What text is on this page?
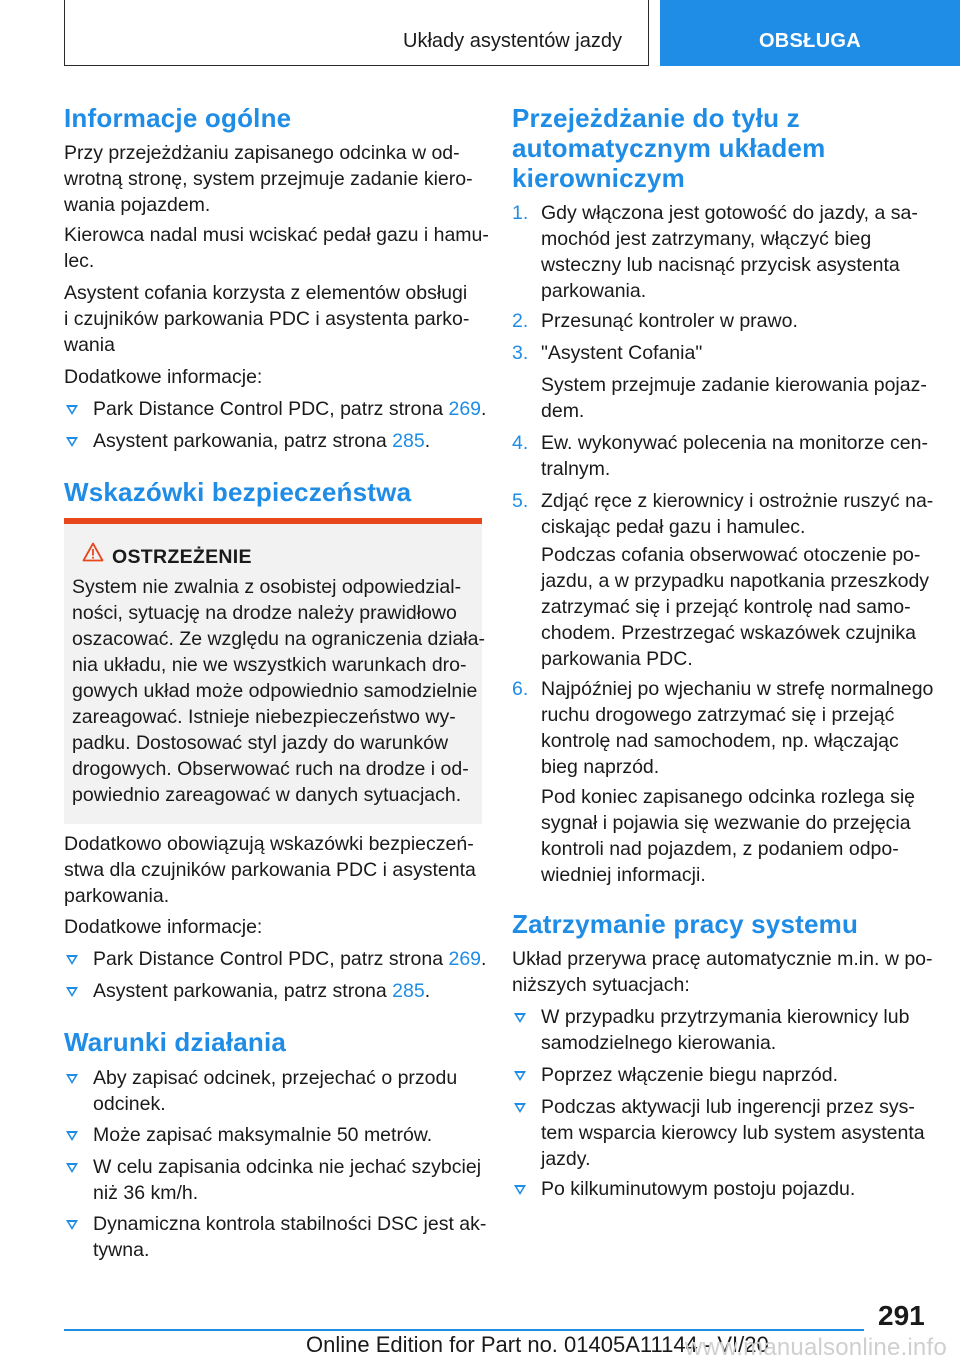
Układy asystentów jazdy	OBSŁUGA
Informacje ogólne
Przy przejeżdżaniu zapisanego odcinka w od-
wrotną stronę, system przejmuje zadanie kiero-
wania pojazdem.
Kierowca nadal musi wciskać pedał gazu i hamu-
lec.
Asystent cofania korzysta z elementów obsługi
i czujników parkowania PDC i asystenta parko-
wania
Dodatkowe informacje:
Park Distance Control PDC, patrz strona 269.
Asystent parkowania, patrz strona 285.
Wskazówki bezpieczeństwa
OSTRZEŻENIE
System nie zwalnia z osobistej odpowiedzial-
ności, sytuację na drodze należy prawidłowo
oszacować. Ze względu na ograniczenia działa-
nia układu, nie we wszystkich warunkach dro-
gowych układ może odpowiednio samodzielnie
zareagować. Istnieje niebezpieczeństwo wy-
padku. Dostosować styl jazdy do warunków
drogowych. Obserwować ruch na drodze i od-
powiednio zareagować w danych sytuacjach.
Dodatkowo obowiązują wskazówki bezpieczeń-
stwa dla czujników parkowania PDC i asystenta
parkowania.
Dodatkowe informacje:
Park Distance Control PDC, patrz strona 269.
Asystent parkowania, patrz strona 285.
Warunki działania
Aby zapisać odcinek, przejechać o przodu
odcinek.
Może zapisać maksymalnie 50 metrów.
W celu zapisania odcinka nie jechać szybciej
niż 36 km/h.
Dynamiczna kontrola stabilności DSC jest ak-
tywna.
Przejeżdżanie do tyłu z
automatycznym układem
kierowniczym
1. Gdy włączona jest gotowość do jazdy, a sa-
mochód jest zatrzymany, włączyć bieg
wsteczny lub nacisnąć przycisk asystenta
parkowania.
2. Przesunąć kontroler w prawo.
3. "Asystent Cofania"
System przejmuje zadanie kierowania pojaz-
dem.
4. Ew. wykonywać polecenia na monitorze cen-
tralnym.
5. Zdjąć ręce z kierownicy i ostrożnie ruszyć na-
ciskając pedał gazu i hamulec.
Podczas cofania obserwować otoczenie po-
jazdu, a w przypadku napotkania przeszkody
zatrzymać się i przejąć kontrolę nad samo-
chodem. Przestrzegać wskazówek czujnika
parkowania PDC.
6. Najpóźniej po wjechaniu w strefę normalnego
ruchu drogowego zatrzymać się i przejąć
kontrolę nad samochodem, np. włączając
bieg naprzód.
Pod koniec zapisanego odcinka rozlega się
sygnał i pojawia się wezwanie do przejęcia
kontroli nad pojazdem, z podaniem odpo-
wiedniej informacji.
Zatrzymanie pracy systemu
Układ przerywa pracę automatycznie m.in. w po-
niższych sytuacjach:
W przypadku przytrzymania kierownicy lub
samodzielnego kierowania.
Poprzez włączenie biegu naprzód.
Podczas aktywacji lub ingerencji przez sys-
tem wsparcia kierowcy lub system asystenta
jazdy.
Po kilkuminutowym postoju pojazdu.
291
Online Edition for Part no. 01405A11144 - VI/20
www.manualsonline.info
